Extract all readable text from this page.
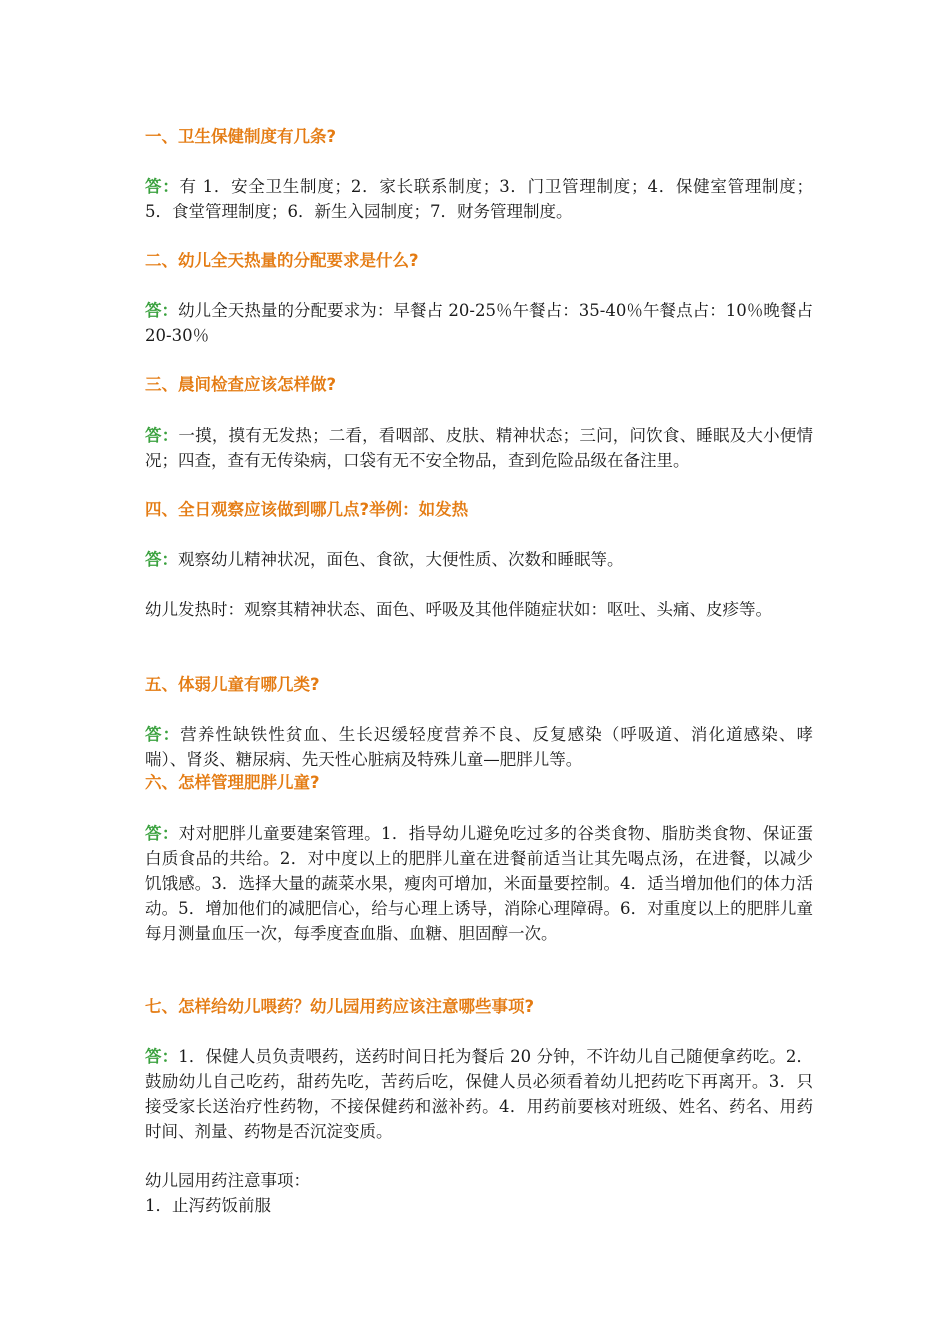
一、卫生保健制度有几条?
答：有 1．安全卫生制度；2．家长联系制度；3．门卫管理制度；4．保健室管理制度；5．食堂管理制度；6．新生入园制度；7．财务管理制度。
二、幼儿全天热量的分配要求是什么?
答：幼儿全天热量的分配要求为：早餐占 20-25％午餐占：35-40％午餐点占：10％晚餐占 20-30％
三、晨间检查应该怎样做?
答：一摸，摸有无发热；二看，看咽部、皮肤、精神状态；三问，问饮食、睡眠及大小便情况；四查，查有无传染病，口袋有无不安全物品，查到危险品级在备注里。
四、全日观察应该做到哪几点?举例：如发热
答：观察幼儿精神状况，面色、食欲，大便性质、次数和睡眠等。
幼儿发热时：观察其精神状态、面色、呼吸及其他伴随症状如：呕吐、头痛、皮疹等。
五、体弱儿童有哪几类?
答：营养性缺铁性贫血、生长迟缓轻度营养不良、反复感染（呼吸道、消化道感染、哮喘）、肾炎、糖尿病、先天性心脏病及特殊儿童—肥胖儿等。
六、怎样管理肥胖儿童?
答：对对肥胖儿童要建案管理。1．指导幼儿避免吃过多的谷类食物、脂肪类食物、保证蛋白质食品的共给。2．对中度以上的肥胖儿童在进餐前适当让其先喝点汤，在进餐，以减少饥饿感。3．选择大量的蔬菜水果，瘦肉可增加，米面量要控制。4．适当增加他们的体力活动。5．增加他们的减肥信心，给与心理上诱导，消除心理障碍。6．对重度以上的肥胖儿童每月测量血压一次，每季度查血脂、血糖、胆固醇一次。
七、怎样给幼儿喂药？幼儿园用药应该注意哪些事项?
答：1．保健人员负责喂药，送药时间日托为餐后 20 分钟，不许幼儿自己随便拿药吃。2．鼓励幼儿自己吃药，甜药先吃，苦药后吃，保健人员必须看着幼儿把药吃下再离开。3．只接受家长送治疗性药物，不接保健药和滋补药。4．用药前要核对班级、姓名、药名、用药时间、剂量、药物是否沉淀变质。
幼儿园用药注意事项：
1．止泻药饭前服
